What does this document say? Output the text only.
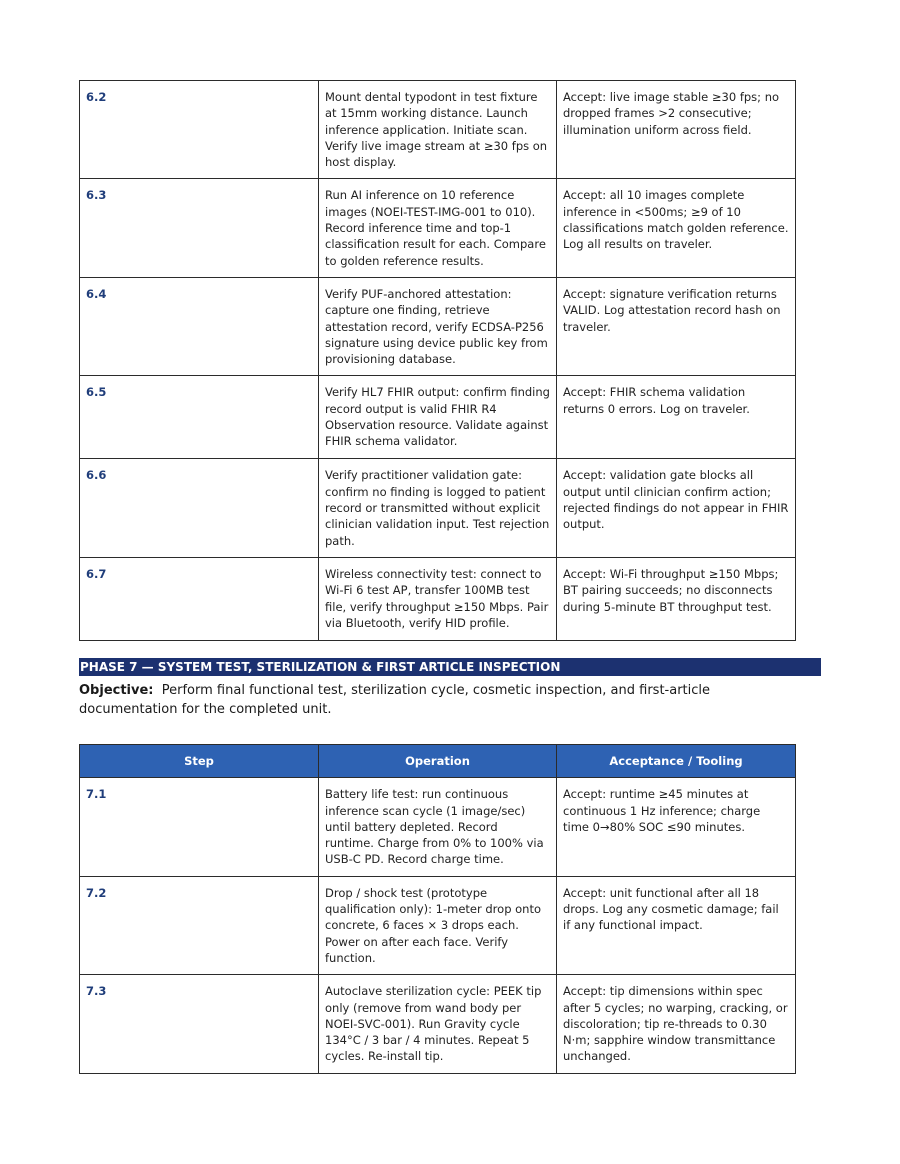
6.2	Mount dental typodont in test fixture at 15mm working distance. Launch inference application. Initiate scan. Verify live image stream at ≥30 fps on host display.	Accept: live image stable ≥30 fps; no dropped frames >2 consecutive; illumination uniform across field.
6.3	Run AI inference on 10 reference images (NOEI-TEST-IMG-001 to 010). Record inference time and top-1 classification result for each. Compare to golden reference results.	Accept: all 10 images complete inference in <500ms; ≥9 of 10 classifications match golden reference. Log all results on traveler.
6.4	Verify PUF-anchored attestation: capture one finding, retrieve attestation record, verify ECDSA-P256 signature using device public key from provisioning database.	Accept: signature verification returns VALID. Log attestation record hash on traveler.
6.5	Verify HL7 FHIR output: confirm finding record output is valid FHIR R4 Observation resource. Validate against FHIR schema validator.	Accept: FHIR schema validation returns 0 errors. Log on traveler.
6.6	Verify practitioner validation gate: confirm no finding is logged to patient record or transmitted without explicit clinician validation input. Test rejection path.	Accept: validation gate blocks all output until clinician confirm action; rejected findings do not appear in FHIR output.
6.7	Wireless connectivity test: connect to Wi-Fi 6 test AP, transfer 100MB test file, verify throughput ≥150 Mbps. Pair via Bluetooth, verify HID profile.	Accept: Wi-Fi throughput ≥150 Mbps; BT pairing succeeds; no disconnects during 5-minute BT throughput test.
PHASE 7 — SYSTEM TEST, STERILIZATION & FIRST ARTICLE INSPECTION
Objective: Perform final functional test, sterilization cycle, cosmetic inspection, and first-article documentation for the completed unit.
Step	Operation	Acceptance / Tooling
7.1	Battery life test: run continuous inference scan cycle (1 image/sec) until battery depleted. Record runtime. Charge from 0% to 100% via USB-C PD. Record charge time.	Accept: runtime ≥45 minutes at continuous 1 Hz inference; charge time 0→80% SOC ≤90 minutes.
7.2	Drop / shock test (prototype qualification only): 1-meter drop onto concrete, 6 faces × 3 drops each. Power on after each face. Verify function.	Accept: unit functional after all 18 drops. Log any cosmetic damage; fail if any functional impact.
7.3	Autoclave sterilization cycle: PEEK tip only (remove from wand body per NOEI-SVC-001). Run Gravity cycle 134°C / 3 bar / 4 minutes. Repeat 5 cycles. Re-install tip.	Accept: tip dimensions within spec after 5 cycles; no warping, cracking, or discoloration; tip re-threads to 0.30 N·m; sapphire window transmittance unchanged.
